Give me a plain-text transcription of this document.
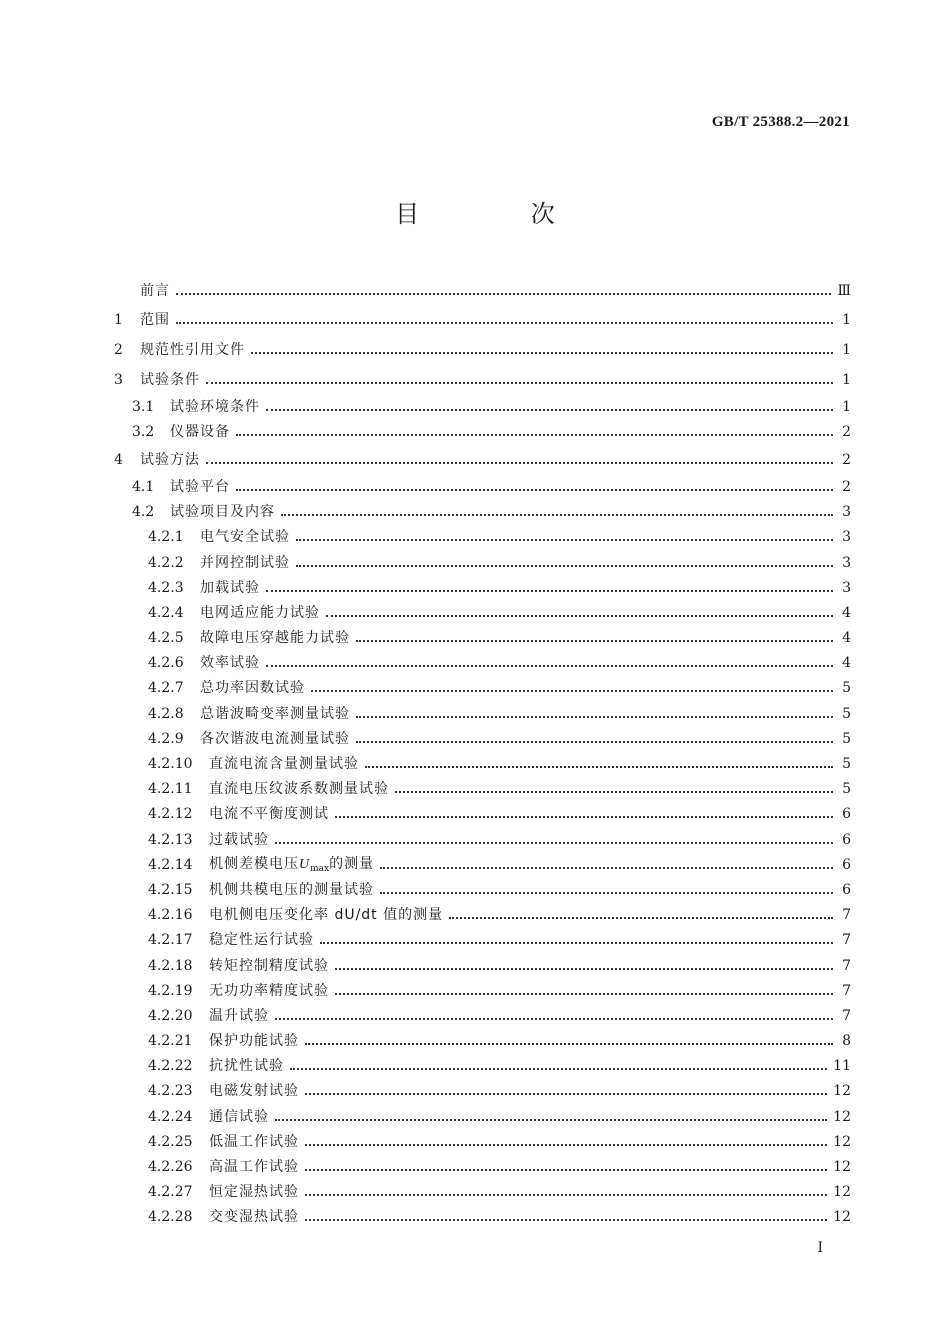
GB/T 25388.2—2021
目 次
前言	Ⅲ
1	范围	1
2	规范性引用文件	1
3	试验条件	1
3.1	试验环境条件	1
3.2	仪器设备	2
4	试验方法	2
4.1	试验平台	2
4.2	试验项目及内容	3
4.2.1	电气安全试验	3
4.2.2	并网控制试验	3
4.2.3	加载试验	3
4.2.4	电网适应能力试验	4
4.2.5	故障电压穿越能力试验	4
4.2.6	效率试验	4
4.2.7	总功率因数试验	5
4.2.8	总谐波畸变率测量试验	5
4.2.9	各次谐波电流测量试验	5
4.2.10	直流电流含量测量试验	5
4.2.11	直流电压纹波系数测量试验	5
4.2.12	电流不平衡度测试	6
4.2.13	过载试验	6
4.2.14	机侧差模电压$U_{max}$的测量	6
4.2.15	机侧共模电压的测量试验	6
4.2.16	电机侧电压变化率 dU/dt 值的测量	7
4.2.17	稳定性运行试验	7
4.2.18	转矩控制精度试验	7
4.2.19	无功功率精度试验	7
4.2.20	温升试验	7
4.2.21	保护功能试验	8
4.2.22	抗扰性试验	11
4.2.23	电磁发射试验	12
4.2.24	通信试验	12
4.2.25	低温工作试验	12
4.2.26	高温工作试验	12
4.2.27	恒定湿热试验	12
4.2.28	交变湿热试验	12
I
